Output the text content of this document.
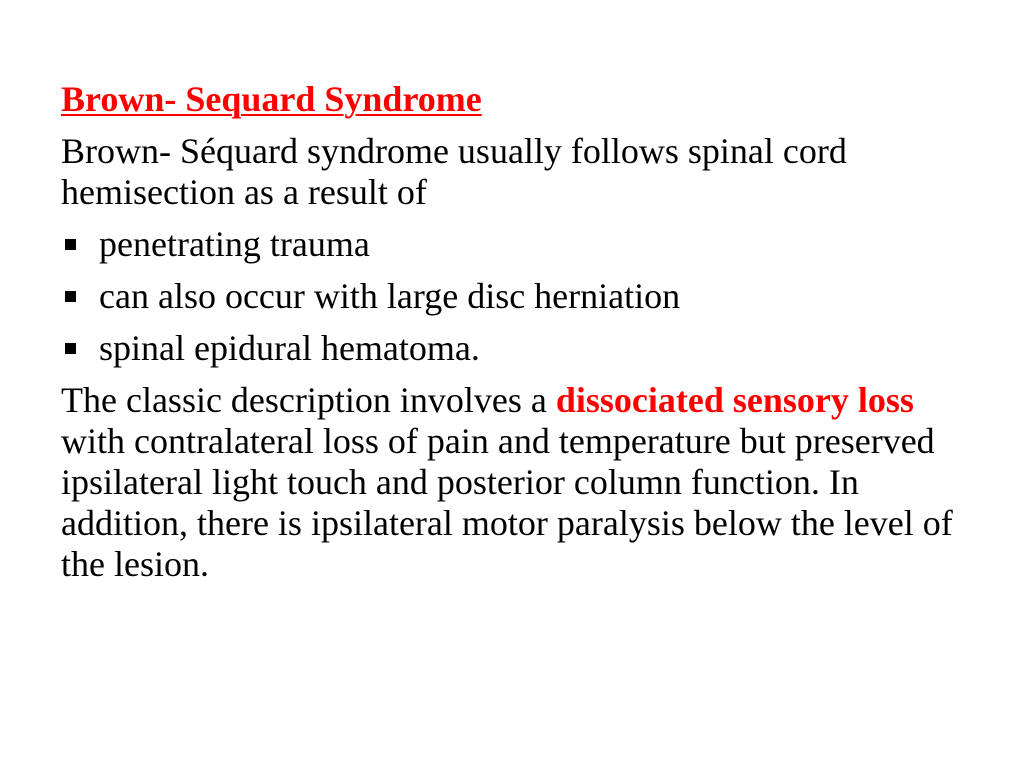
Brown- Sequard Syndrome
Brown- Séquard syndrome usually follows spinal cord hemisection as a result of
penetrating trauma
can also occur with large disc herniation
spinal epidural hematoma.
The classic description involves a dissociated sensory loss with contralateral loss of pain and temperature but preserved ipsilateral light touch and posterior column function. In addition, there is ipsilateral motor paralysis below the level of the lesion.
